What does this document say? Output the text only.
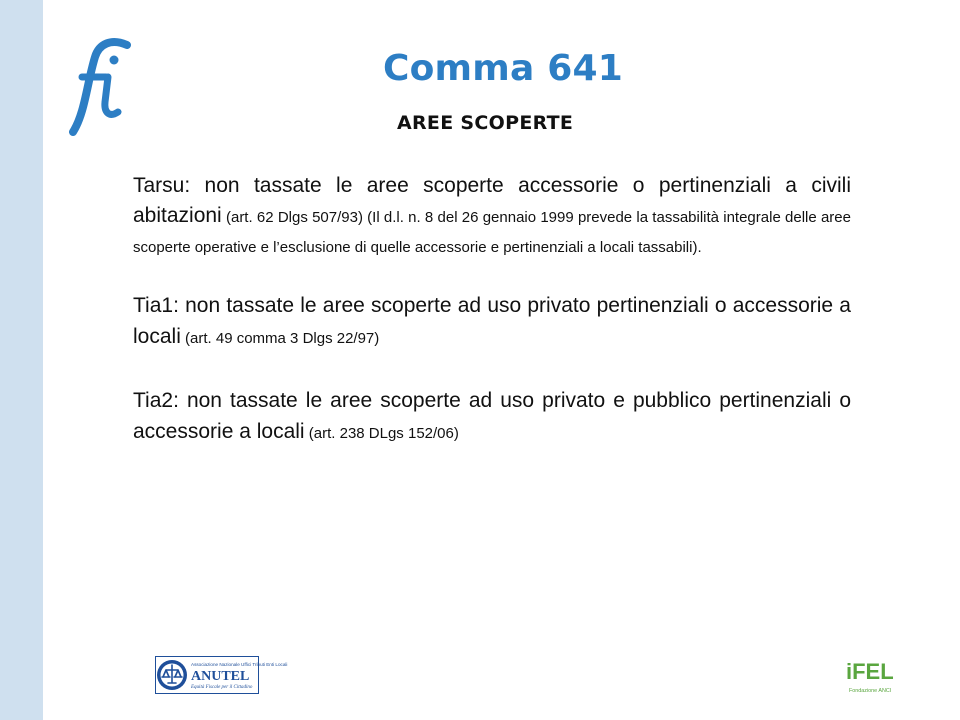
Comma 641
AREE SCOPERTE

Tarsu: non tassate le aree scoperte accessorie o pertinenziali a civili abitazioni (art. 62 Dlgs 507/93) (Il d.l. n. 8 del 26 gennaio 1999 prevede la tassabilità integrale delle aree scoperte operative e l’esclusione di quelle accessorie e pertinenziali a locali tassabili).

Tia1: non tassate le aree scoperte ad uso privato pertinenziali o accessorie a locali (art. 49 comma 3 Dlgs 22/97)

Tia2: non tassate le aree scoperte ad uso privato e pubblico pertinenziali o accessorie a locali (art. 238 DLgs 152/06)

Associazione Nazionale Uffici Tributi Enti Locali
ANUTEL
Equità Fiscale per il Cittadino
iFEL
Fondazione ANCI
